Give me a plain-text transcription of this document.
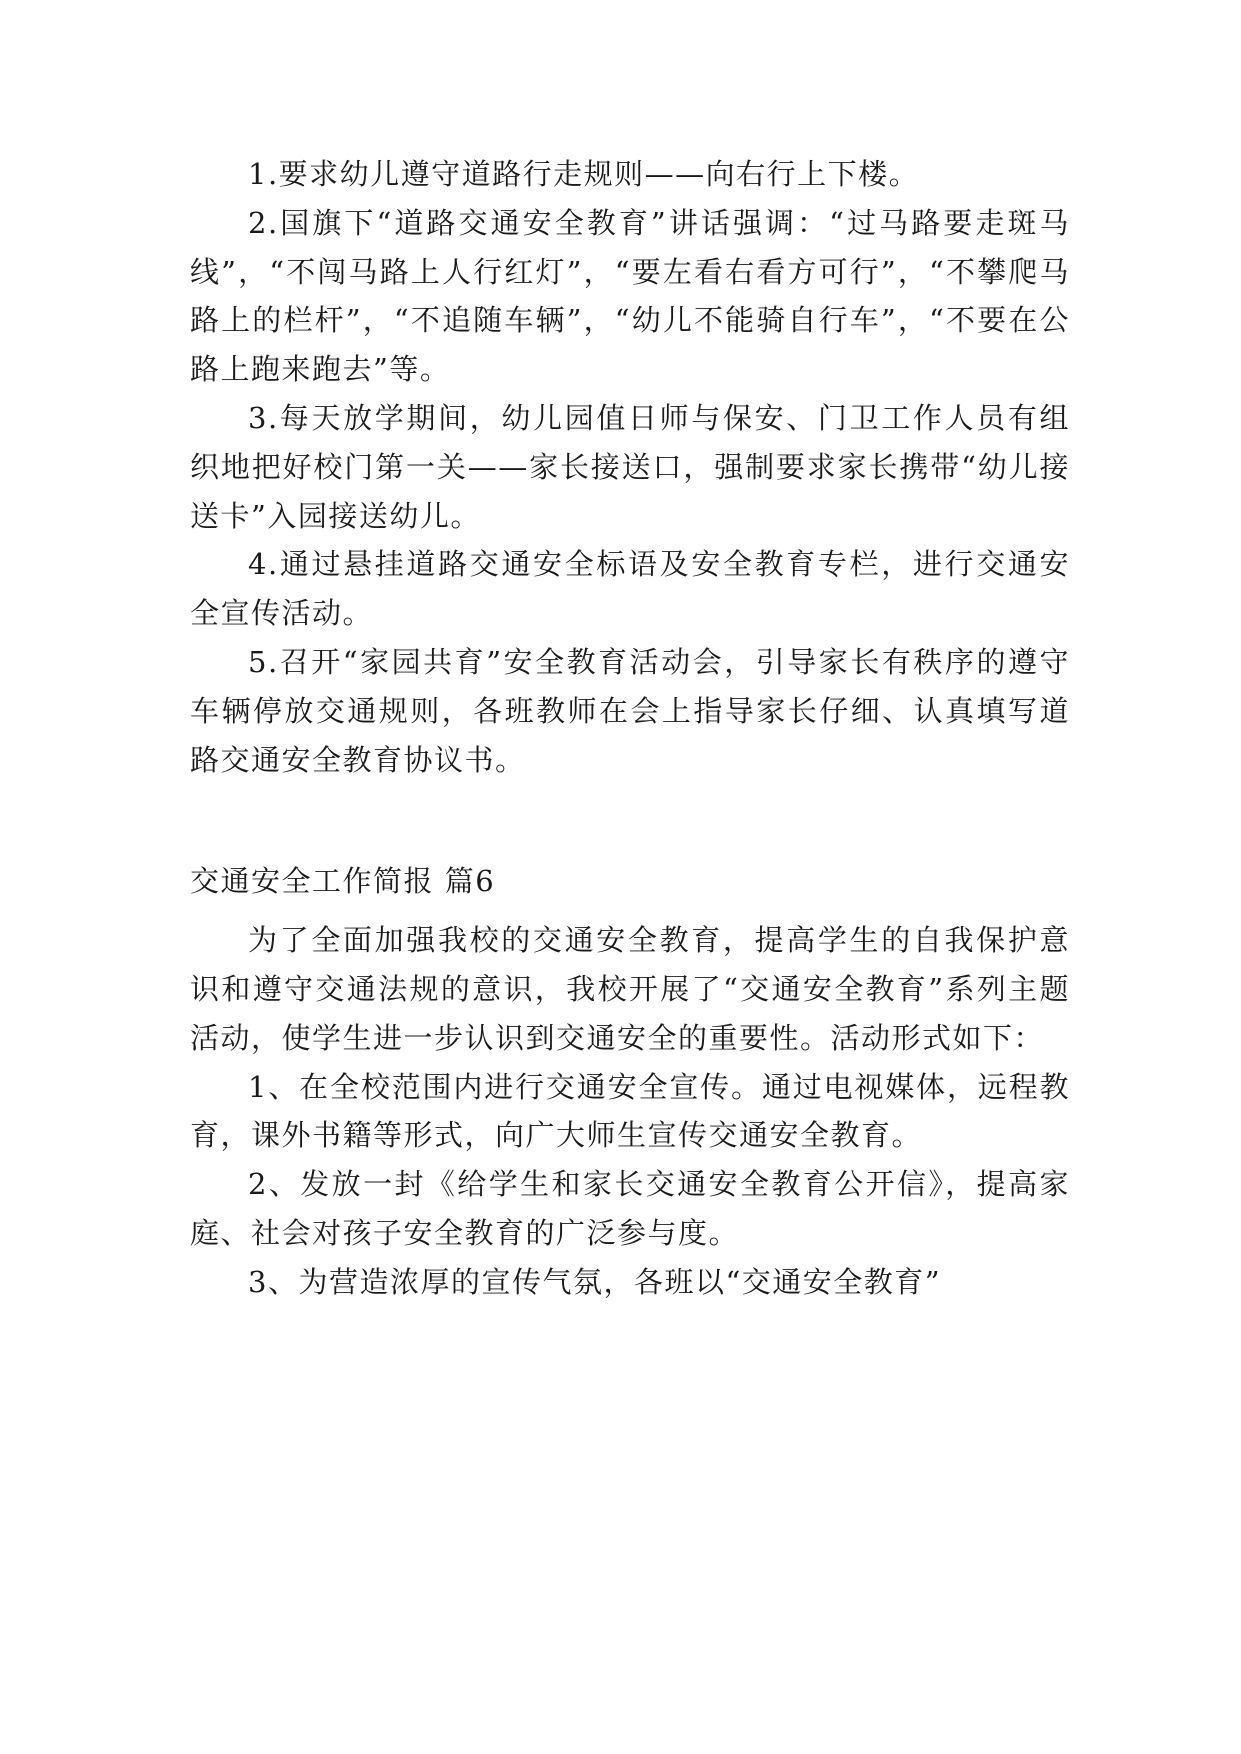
1.要求幼儿遵守道路行走规则——向右行上下楼。

2.国旗下“道路交通安全教育”讲话强调：“过马路要走斑马线”，“不闯马路上人行红灯”，“要左看右看方可行”，“不攀爬马路上的栏杆”，“不追随车辆”，“幼儿不能骑自行车”，“不要在公路上跑来跑去”等。

3.每天放学期间，幼儿园值日师与保安、门卫工作人员有组织地把好校门第一关——家长接送口，强制要求家长携带“幼儿接送卡”入园接送幼儿。

4.通过悬挂道路交通安全标语及安全教育专栏，进行交通安全宣传活动。

5.召开“家园共育”安全教育活动会，引导家长有秩序的遵守车辆停放交通规则，各班教师在会上指导家长仔细、认真填写道路交通安全教育协议书。

交通安全工作简报 篇6

为了全面加强我校的交通安全教育，提高学生的自我保护意识和遵守交通法规的意识，我校开展了“交通安全教育”系列主题活动，使学生进一步认识到交通安全的重要性。活动形式如下：

1、在全校范围内进行交通安全宣传。通过电视媒体，远程教育，课外书籍等形式，向广大师生宣传交通安全教育。

2、发放一封《给学生和家长交通安全教育公开信》，提高家庭、社会对孩子安全教育的广泛参与度。

3、为营造浓厚的宣传气氛，各班以“交通安全教育”
